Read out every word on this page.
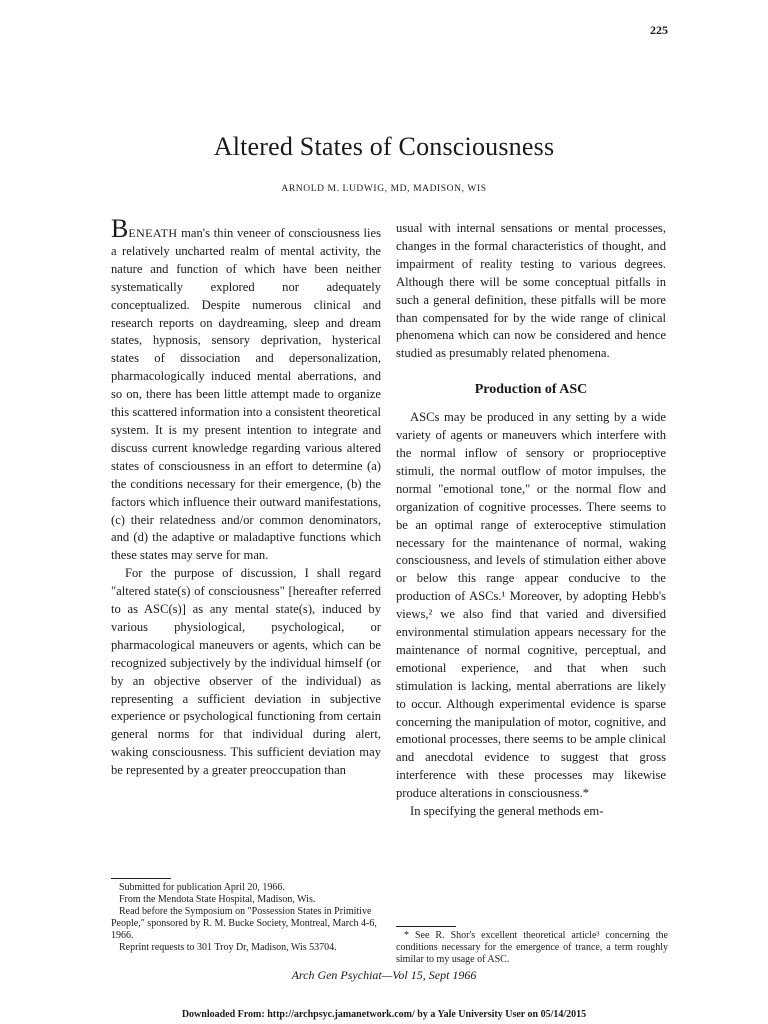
225
Altered States of Consciousness
ARNOLD M. LUDWIG, MD, MADISON, WIS

BENEATH man's thin veneer of consciousness lies a relatively uncharted realm of mental activity, the nature and function of which have been neither systematically explored nor adequately conceptualized. Despite numerous clinical and research reports on daydreaming, sleep and dream states, hypnosis, sensory deprivation, hysterical states of dissociation and depersonalization, pharmacologically induced mental aberrations, and so on, there has been little attempt made to organize this scattered information into a consistent theoretical system. It is my present intention to integrate and discuss current knowledge regarding various altered states of consciousness in an effort to determine (a) the conditions necessary for their emergence, (b) the factors which influence their outward manifestations, (c) their relatedness and/or common denominators, and (d) the adaptive or maladaptive functions which these states may serve for man.

For the purpose of discussion, I shall regard "altered state(s) of consciousness" [hereafter referred to as ASC(s)] as any mental state(s), induced by various physiological, psychological, or pharmacological maneuvers or agents, which can be recognized subjectively by the individual himself (or by an objective observer of the individual) as representing a sufficient deviation in subjective experience or psychological functioning from certain general norms for that individual during alert, waking consciousness. This sufficient deviation may be represented by a greater preoccupation than

usual with internal sensations or mental processes, changes in the formal characteristics of thought, and impairment of reality testing to various degrees. Although there will be some conceptual pitfalls in such a general definition, these pitfalls will be more than compensated for by the wide range of clinical phenomena which can now be considered and hence studied as presumably related phenomena.

Production of ASC

ASCs may be produced in any setting by a wide variety of agents or maneuvers which interfere with the normal inflow of sensory or proprioceptive stimuli, the normal outflow of motor impulses, the normal "emotional tone," or the normal flow and organization of cognitive processes. There seems to be an optimal range of exteroceptive stimulation necessary for the maintenance of normal, waking consciousness, and levels of stimulation either above or below this range appear conducive to the production of ASCs.¹ Moreover, by adopting Hebb's views,² we also find that varied and diversified environmental stimulation appears necessary for the maintenance of normal cognitive, perceptual, and emotional experience, and that when such stimulation is lacking, mental aberrations are likely to occur. Although experimental evidence is sparse concerning the manipulation of motor, cognitive, and emotional processes, there seems to be ample clinical and anecdotal evidence to suggest that gross interference with these processes may likewise produce alterations in consciousness.*

In specifying the general methods em-

Submitted for publication April 20, 1966.

From the Mendota State Hospital, Madison, Wis.

Read before the Symposium on "Possession States in Primitive People," sponsored by R. M. Bucke Society, Montreal, March 4-6, 1966.

Reprint requests to 301 Troy Dr, Madison, Wis 53704.

* See R. Shor's excellent theoretical article³ concerning the conditions necessary for the emergence of trance, a term roughly similar to my usage of ASC.

Arch Gen Psychiat—Vol 15, Sept 1966
Downloaded From: http://archpsyc.jamanetwork.com/ by a Yale University User on 05/14/2015
